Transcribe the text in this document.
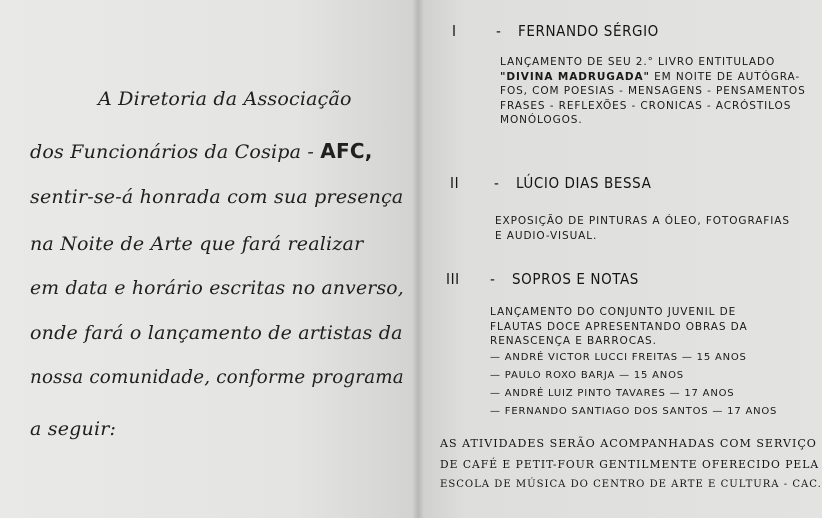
A Diretoria da Associação
dos Funcionários da Cosipa - AFC,
sentir-se-á honrada com sua presença
na Noite de Arte que fará realizar
em data e horário escritas no anverso,
onde fará o lançamento de artistas da
nossa comunidade, conforme programa
a seguir:
I	- FERNANDO SÉRGIO
LANÇAMENTO DE SEU 2.° LIVRO ENTITULADO
"DIVINA MADRUGADA" EM NOITE DE AUTÓGRA-
FOS, COM POESIAS - MENSAGENS - PENSAMENTOS
FRASES - REFLEXÕES - CRONICAS - ACRÓSTILOS
MONÓLOGOS.
II - LÚCIO DIAS BESSA
EXPOSIÇÃO DE PINTURAS A ÓLEO, FOTOGRAFIAS
E AUDIO-VISUAL.
III - SOPROS E NOTAS
LANÇAMENTO DO CONJUNTO JUVENIL DE
FLAUTAS DOCE APRESENTANDO OBRAS DA
RENASCENÇA E BARROCAS.
— ANDRÉ VICTOR LUCCI FREITAS — 15 ANOS
— PAULO ROXO BARJA — 15 ANOS
— ANDRÉ LUIZ PINTO TAVARES — 17 ANOS
— FERNANDO SANTIAGO DOS SANTOS — 17 ANOS
AS ATIVIDADES SERÃO ACOMPANHADAS COM SERVIÇO
DE CAFÉ E PETIT-FOUR GENTILMENTE OFERECIDO PELA
ESCOLA DE MÚSICA DO CENTRO DE ARTE E CULTURA - CAC.
